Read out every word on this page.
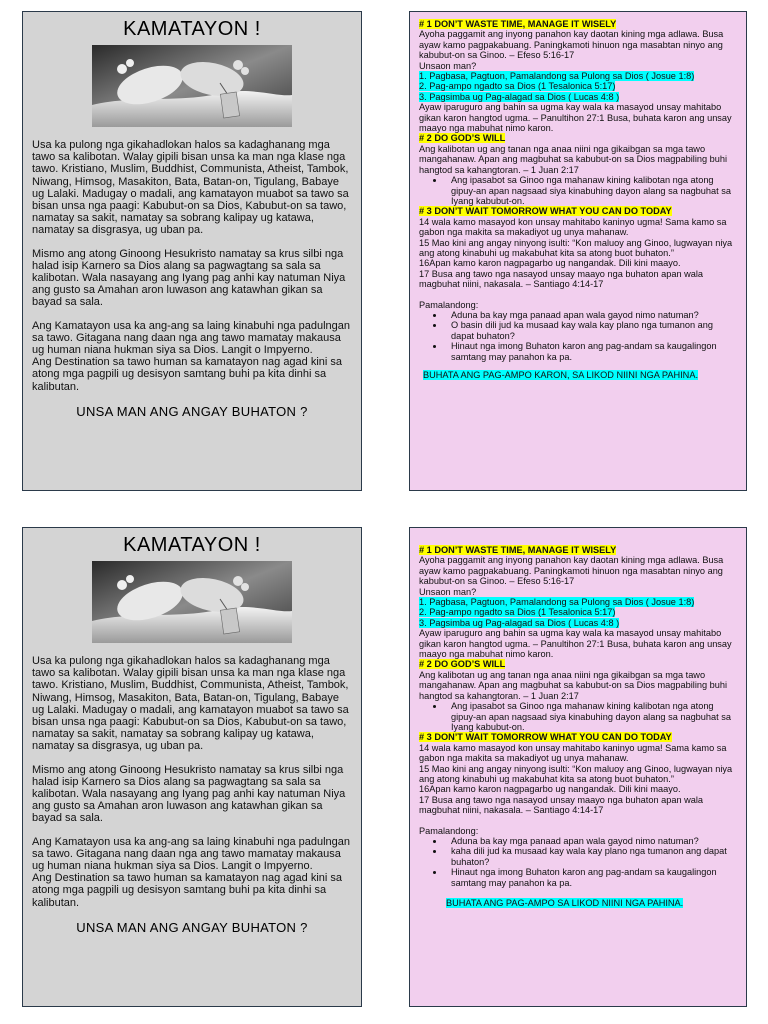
KAMATAYON !

Usa ka pulong nga gikahadlokan halos sa kadaghanang mga tawo sa kalibotan. Walay gipili bisan unsa ka man nga klase nga tawo. Kristiano, Muslim, Buddhist, Communista, Atheist, Tambok, Niwang, Himsog, Masakiton, Bata, Batan-on, Tigulang, Babaye ug Lalaki. Madugay o madali, ang kamatayon muabot sa tawo sa bisan unsa nga paagi: Kabubut-on sa Dios, Kabubut-on sa tawo, namatay sa sakit, namatay sa sobrang kalipay ug katawa, namatay sa disgrasya, ug uban pa.

Mismo ang atong Ginoong Hesukristo namatay sa krus silbi nga halad isip Karnero sa Dios alang sa pagwagtang sa sala sa kalibotan. Wala nasayang ang Iyang pag anhi kay natuman Niya ang gusto sa Amahan aron luwason ang katawhan gikan sa bayad sa sala.

Ang Kamatayon usa ka ang-ang sa laing kinabuhi nga padulngan sa tawo. Gitagana nang daan nga ang tawo mamatay makausa ug human niana hukman siya sa Dios. Langit o Impyerno.
Ang Destination sa tawo human sa kamatayon nag agad kini sa atong mga pagpili ug desisyon samtang buhi pa kita dinhi sa kalibutan.

UNSA MAN ANG ANGAY BUHATON ?
# 1 DON’T WASTE TIME, MANAGE IT WISELY
Ayoha paggamit ang inyong panahon kay daotan kining mga adlawa. Busa ayaw kamo pagpakabuang. Paningkamoti hinuon nga masabtan ninyo ang kabubut-on sa Ginoo. – Efeso 5:16-17
Unsaon man?
1. Pagbasa, Pagtuon, Pamalandong sa Pulong sa Dios ( Josue 1:8)
2. Pag-ampo ngadto sa Dios (1 Tesalonica 5:17)
3. Pagsimba ug Pag-alagad sa Dios ( Lucas 4:8 )
Ayaw iparuguro ang bahin sa ugma kay wala ka masayod unsay mahitabo gikan karon hangtod ugma. – Panultihon 27:1 Busa, buhata karon ang unsay maayo nga mabuhat nimo karon.
# 2 DO GOD’S WILL
Ang kalibotan ug ang tanan nga anaa niini nga gikaibgan sa mga tawo mangahanaw. Apan ang magbuhat sa kabubut-on sa Dios magpabiling buhi hangtod sa kahangtoran. – 1 Juan 2:17
• Ang ipasabot sa Ginoo nga mahanaw kining kalibotan nga atong gipuy-an apan nagsaad siya kinabuhing dayon alang sa nagbuhat sa Iyang kabubut-on.
# 3 DON’T WAIT TOMORROW WHAT YOU CAN DO TODAY
14 wala kamo masayod kon unsay mahitabo kaninyo ugma! Sama kamo sa gabon nga makita sa makadiyot ug unya mahanaw.
15 Mao kini ang angay ninyong isulti: “Kon maluoy ang Ginoo, lugwayan niya ang atong kinabuhi ug makabuhat kita sa atong buot buhaton.”
16Apan kamo karon nagpagarbo ug nangandak. Dili kini maayo.
17 Busa ang tawo nga nasayod unsay maayo nga buhaton apan wala magbuhat niini, nakasala. – Santiago 4:14-17
Pamalandong:
• Aduna ba kay mga panaad apan wala gayod nimo natuman?
• O basin dili jud ka musaad kay wala kay plano nga tumanon ang dapat buhaton?
• Hinaut nga imong Buhaton karon ang pag-andam sa kaugalingon samtang may panahon ka pa.
BUHATA ANG PAG-AMPO KARON, SA LIKOD NIINI NGA PAHINA.
KAMATAYON !

Usa ka pulong nga gikahadlokan halos sa kadaghanang mga tawo sa kalibotan. Walay gipili bisan unsa ka man nga klase nga tawo. Kristiano, Muslim, Buddhist, Communista, Atheist, Tambok, Niwang, Himsog, Masakiton, Bata, Batan-on, Tigulang, Babaye ug Lalaki. Madugay o madali, ang kamatayon muabot sa tawo sa bisan unsa nga paagi: Kabubut-on sa Dios, Kabubut-on sa tawo, namatay sa sakit, namatay sa sobrang kalipay ug katawa, namatay sa disgrasya, ug uban pa.

Mismo ang atong Ginoong Hesukristo namatay sa krus silbi nga halad isip Karnero sa Dios alang sa pagwagtang sa sala sa kalibotan. Wala nasayang ang Iyang pag anhi kay natuman Niya ang gusto sa Amahan aron luwason ang katawhan gikan sa bayad sa sala.

Ang Kamatayon usa ka ang-ang sa laing kinabuhi nga padulngan sa tawo. Gitagana nang daan nga ang tawo mamatay makausa ug human niana hukman siya sa Dios. Langit o Impyerno.
Ang Destination sa tawo human sa kamatayon nag agad kini sa atong mga pagpili ug desisyon samtang buhi pa kita dinhi sa kalibutan.

UNSA MAN ANG ANGAY BUHATON ?
# 1 DON’T WASTE TIME, MANAGE IT WISELY
Ayoha paggamit ang inyong panahon kay daotan kining mga adlawa. Busa ayaw kamo pagpakabuang. Paningkamoti hinuon nga masabtan ninyo ang kabubut-on sa Ginoo. – Efeso 5:16-17
Unsaon man?
1. Pagbasa, Pagtuon, Pamalandong sa Pulong sa Dios ( Josue 1:8)
2. Pag-ampo ngadto sa Dios (1 Tesalonica 5:17)
3. Pagsimba ug Pag-alagad sa Dios ( Lucas 4:8 )
Ayaw iparuguro ang bahin sa ugma kay wala ka masayod unsay mahitabo gikan karon hangtod ugma. – Panultihon 27:1 Busa, buhata karon ang unsay maayo nga mabuhat nimo karon.
# 2 DO GOD’S WILL
Ang kalibotan ug ang tanan nga anaa niini nga gikaibgan sa mga tawo mangahanaw. Apan ang magbuhat sa kabubut-on sa Dios magpabiling buhi hangtod sa kahangtoran. – 1 Juan 2:17
• Ang ipasabot sa Ginoo nga mahanaw kining kalibotan nga atong gipuy-an apan nagsaad siya kinabuhing dayon alang sa nagbuhat sa Iyang kabubut-on.
# 3 DON’T WAIT TOMORROW WHAT YOU CAN DO TODAY
14 wala kamo masayod kon unsay mahitabo kaninyo ugma! Sama kamo sa gabon nga makita sa makadiyot ug unya mahanaw.
15 Mao kini ang angay ninyong isulti: “Kon maluoy ang Ginoo, lugwayan niya ang atong kinabuhi ug makabuhat kita sa atong buot buhaton.”
16Apan kamo karon nagpagarbo ug nangandak. Dili kini maayo.
17 Busa ang tawo nga nasayod unsay maayo nga buhaton apan wala magbuhat niini, nakasala. – Santiago 4:14-17
Pamalandong:
• Aduna ba kay mga panaad apan wala gayod nimo natuman?
• kaha dili jud ka musaad kay wala kay plano nga tumanon ang dapat buhaton?
• Hinaut nga imong Buhaton karon ang pag-andam sa kaugalingon samtang may panahon ka pa.
BUHATA ANG PAG-AMPO SA LIKOD NIINI NGA PAHINA.
